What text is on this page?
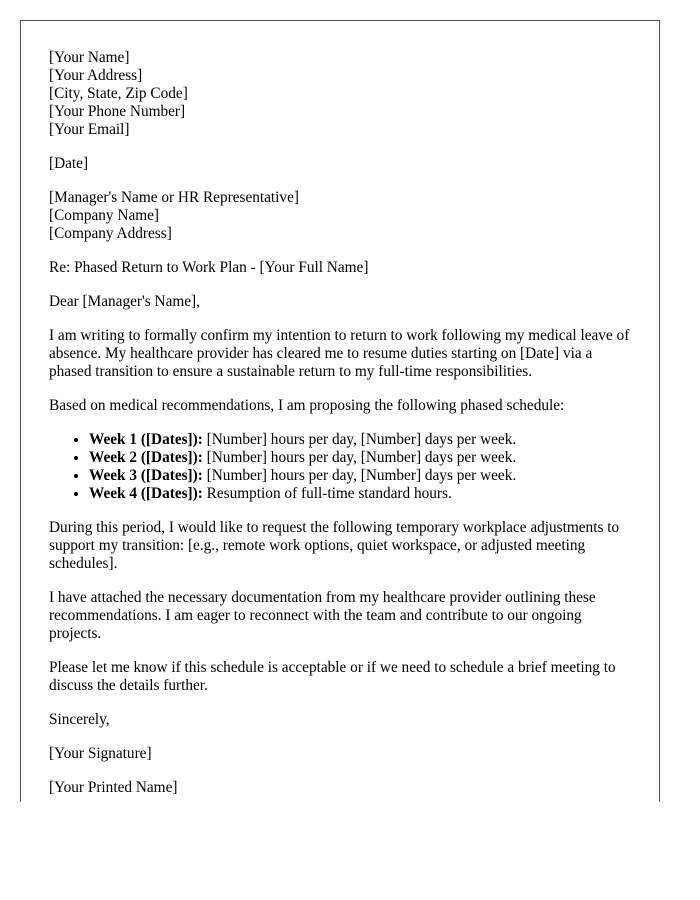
[Your Name]
[Your Address]
[City, State, Zip Code]
[Your Phone Number]
[Your Email]
[Date]
[Manager's Name or HR Representative]
[Company Name]
[Company Address]

Re: Phased Return to Work Plan - [Your Full Name]

Dear [Manager's Name],

I am writing to formally confirm my intention to return to work following my medical leave of absence. My healthcare provider has cleared me to resume duties starting on [Date] via a phased transition to ensure a sustainable return to my full-time responsibilities.

Based on medical recommendations, I am proposing the following phased schedule:

• Week 1 ([Dates]): [Number] hours per day, [Number] days per week.
• Week 2 ([Dates]): [Number] hours per day, [Number] days per week.
• Week 3 ([Dates]): [Number] hours per day, [Number] days per week.
• Week 4 ([Dates]): Resumption of full-time standard hours.

During this period, I would like to request the following temporary workplace adjustments to support my transition: [e.g., remote work options, quiet workspace, or adjusted meeting schedules].

I have attached the necessary documentation from my healthcare provider outlining these recommendations. I am eager to reconnect with the team and contribute to our ongoing projects.

Please let me know if this schedule is acceptable or if we need to schedule a brief meeting to discuss the details further.

Sincerely,

[Your Signature]

[Your Printed Name]
